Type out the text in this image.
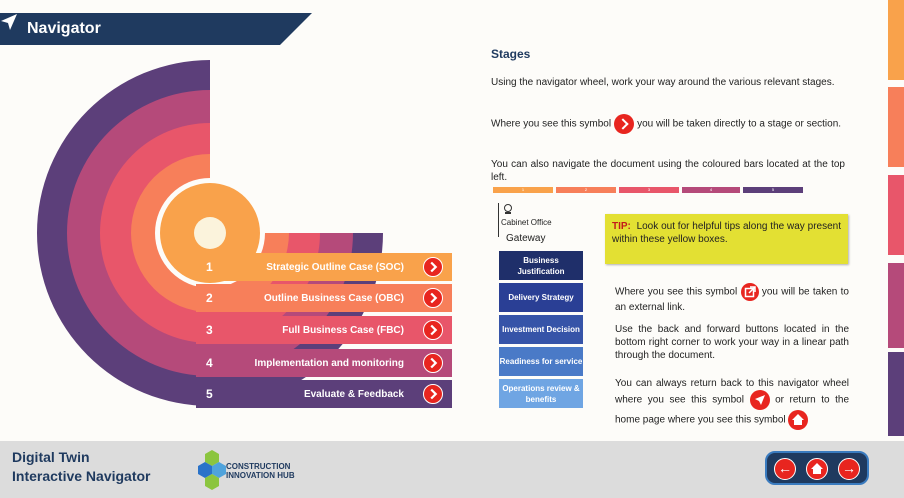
Navigator
1	Strategic Outline Case (SOC)
2	Outline Business Case (OBC)
3	Full Business Case (FBC)
4	Implementation and monitoring
5	Evaluate & Feedback
Stages
Using the navigator wheel, work your way around the various relevant stages.
Where you see this symbol	you will be taken directly to a stage or section.
You can also navigate the document using the coloured bars located at the top left.
1	2	3	4	5
Cabinet Office
Gateway
Business Justification
Delivery Strategy
Investment Decision
Readiness for service
Operations review & benefits
TIP: Look out for helpful tips along the way present within these yellow boxes.
Where you see this symbol you will be taken to an external link.
Use the back and forward buttons located in the bottom right corner to work your way in a linear path through the document.
You can always return back to this navigator wheel where you see this symbol	or return to the home page where you see this symbol
Digital Twin
Interactive Navigator
CONSTRUCTION
INNOVATION HUB	←	→
